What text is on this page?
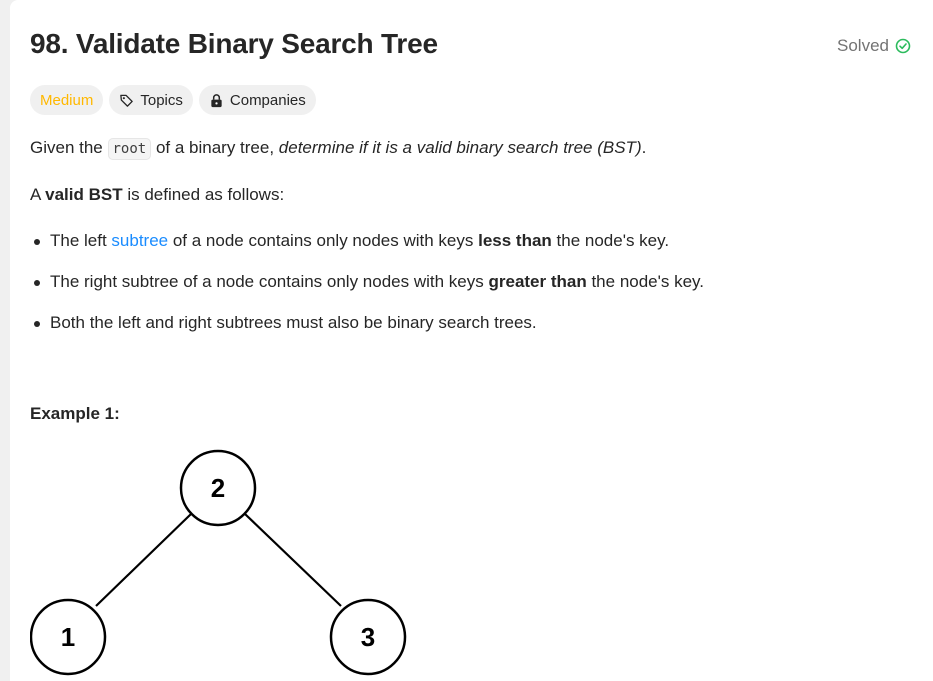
98. Validate Binary Search Tree	Solved
Medium	Topics	Companies

Given the root of a binary tree, determine if it is a valid binary search tree (BST).

A valid BST is defined as follows:

The left subtree of a node contains only nodes with keys less than the node's key.
The right subtree of a node contains only nodes with keys greater than the node's key.
Both the left and right subtrees must also be binary search trees.
Example 1:
2
1	3
